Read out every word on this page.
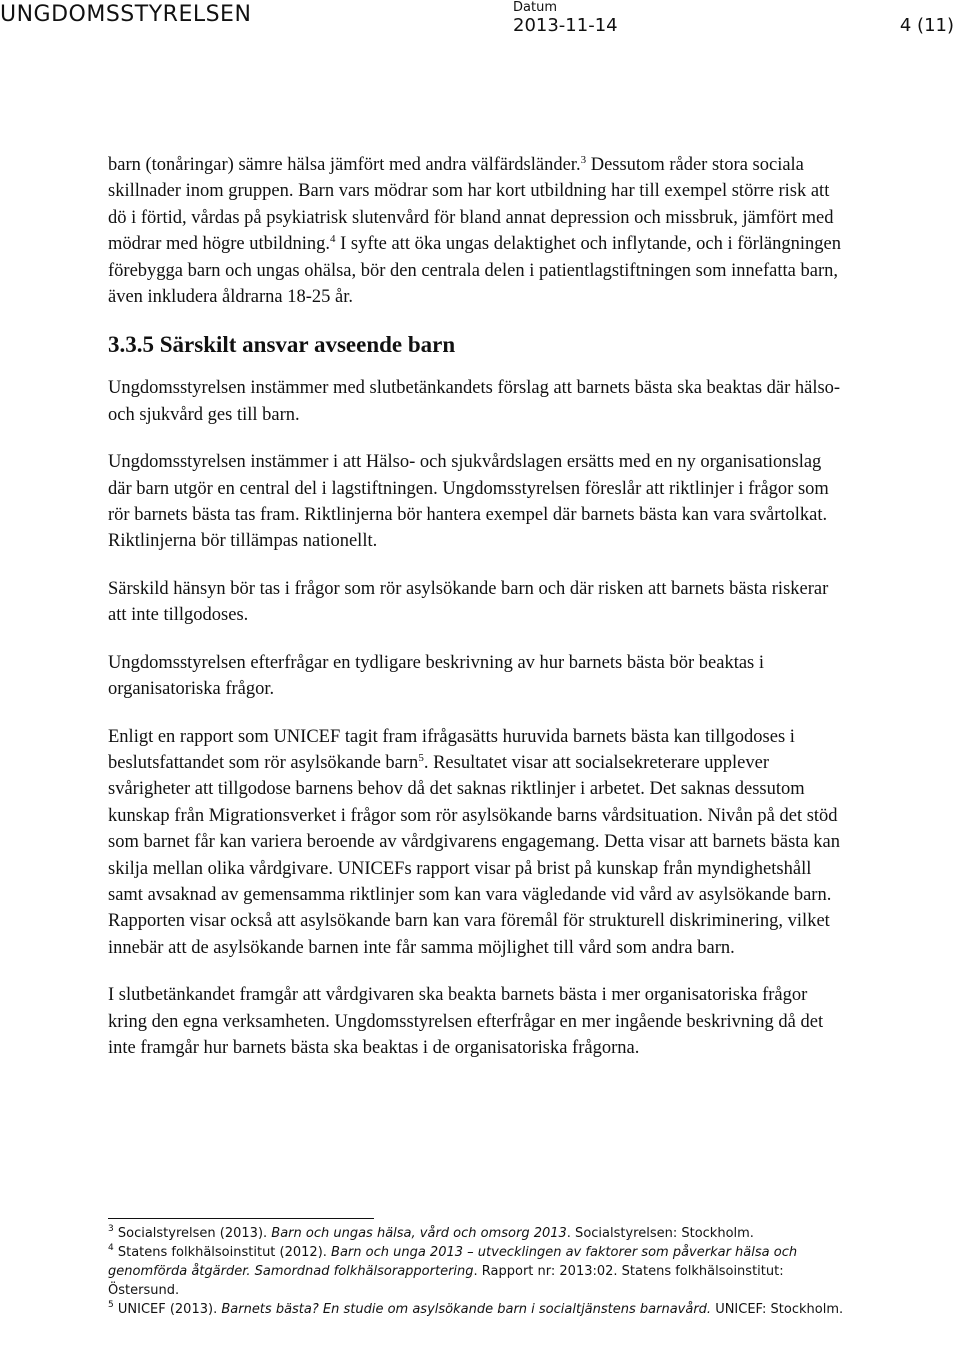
UNGDOMSSTYRELSEN	Datum
2013-11-14	4 (11)

barn (tonåringar) sämre hälsa jämfört med andra välfärdsländer.$^3$ Dessutom råder stora sociala skillnader inom gruppen. Barn vars mödrar som har kort utbildning har till exempel större risk att dö i förtid, vårdas på psykiatrisk slutenvård för bland annat depression och missbruk, jämfört med mödrar med högre utbildning.$^4$ I syfte att öka ungas delaktighet och inflytande, och i förlängningen förebygga barn och ungas ohälsa, bör den centrala delen i patientlagstiftningen som innefatta barn, även inkludera åldrarna 18-25 år.

3.3.5 Särskilt ansvar avseende barn

Ungdomsstyrelsen instämmer med slutbetänkandets förslag att barnets bästa ska beaktas där hälso- och sjukvård ges till barn.

Ungdomsstyrelsen instämmer i att Hälso- och sjukvårdslagen ersätts med en ny organisationslag där barn utgör en central del i lagstiftningen. Ungdomsstyrelsen föreslår att riktlinjer i frågor som rör barnets bästa tas fram. Riktlinjerna bör hantera exempel där barnets bästa kan vara svårtolkat. Riktlinjerna bör tillämpas nationellt.

Särskild hänsyn bör tas i frågor som rör asylsökande barn och där risken att barnets bästa riskerar att inte tillgodoses.

Ungdomsstyrelsen efterfrågar en tydligare beskrivning av hur barnets bästa bör beaktas i organisatoriska frågor.

Enligt en rapport som UNICEF tagit fram ifrågasätts huruvida barnets bästa kan tillgodoses i beslutsfattandet som rör asylsökande barn$^5$. Resultatet visar att socialsekreterare upplever svårigheter att tillgodose barnens behov då det saknas riktlinjer i arbetet. Det saknas dessutom kunskap från Migrationsverket i frågor som rör asylsökande barns vårdsituation. Nivån på det stöd som barnet får kan variera beroende av vårdgivarens engagemang. Detta visar att barnets bästa kan skilja mellan olika vårdgivare. UNICEFs rapport visar på brist på kunskap från myndighetshåll samt avsaknad av gemensamma riktlinjer som kan vara vägledande vid vård av asylsökande barn. Rapporten visar också att asylsökande barn kan vara föremål för strukturell diskriminering, vilket innebär att de asylsökande barnen inte får samma möjlighet till vård som andra barn.

I slutbetänkandet framgår att vårdgivaren ska beakta barnets bästa i mer organisatoriska frågor kring den egna verksamheten. Ungdomsstyrelsen efterfrågar en mer ingående beskrivning då det inte framgår hur barnets bästa ska beaktas i de organisatoriska frågorna.

$^3$ Socialstyrelsen (2013). Barn och ungas hälsa, vård och omsorg 2013. Socialstyrelsen: Stockholm.
$^4$ Statens folkhälsoinstitut (2012). Barn och unga 2013 – utvecklingen av faktorer som påverkar hälsa och genomförda åtgärder. Samordnad folkhälsorapportering. Rapport nr: 2013:02. Statens folkhälsoinstitut: Östersund.
$^5$ UNICEF (2013). Barnets bästa? En studie om asylsökande barn i socialtjänstens barnavård. UNICEF: Stockholm.
